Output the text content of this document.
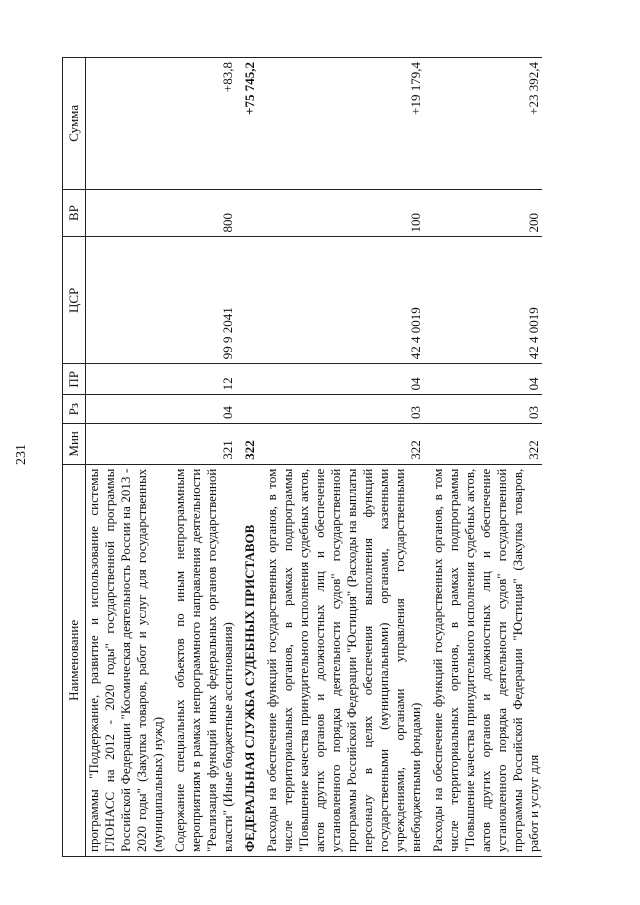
231
Наименование	Мин	Рз	ПР	ЦСР	ВР	Сумма
программы "Поддержание, развитие и использование системы ГЛОНАСС на 2012 - 2020 годы" государственной программы Российской Федерации "Космическая деятельность России на 2013 - 2020 годы" (Закупка товаров, работ и услуг для государственных (муниципальных) нужд)						

Содержание специальных объектов по иным непрограммным мероприятиям в рамках непрограммного направления деятельности "Реализация функций иных федеральных органов государственной власти" (Иные бюджетные ассигнования)	321	04	12	99 9 2041	800	+83,8

ФЕДЕРАЛЬНАЯ СЛУЖБА СУДЕБНЫХ ПРИСТАВОВ	322					+75 745,2

Расходы на обеспечение функций государственных органов, в том числе территориальных органов, в рамках подпрограммы "Повышение качества принудительного исполнения судебных актов, актов других органов и должностных лиц и обеспечение установленного порядка деятельности судов" государственной программы Российской Федерации "Юстиция" (Расходы на выплаты персоналу в целях обеспечения выполнения функций государственными (муниципальными) органами, казенными учреждениями, органами управления государственными внебюджетными фондами)	322	03	04	42 4 0019	100	+19 179,4

Расходы на обеспечение функций государственных органов, в том числе территориальных органов, в рамках подпрограммы "Повышение качества принудительного исполнения судебных актов, актов других органов и должностных лиц и обеспечение установленного порядка деятельности судов" государственной программы Российской Федерации "Юстиция" (Закупка товаров, работ и услуг для	322	03	04	42 4 0019	200	+23 392,4
